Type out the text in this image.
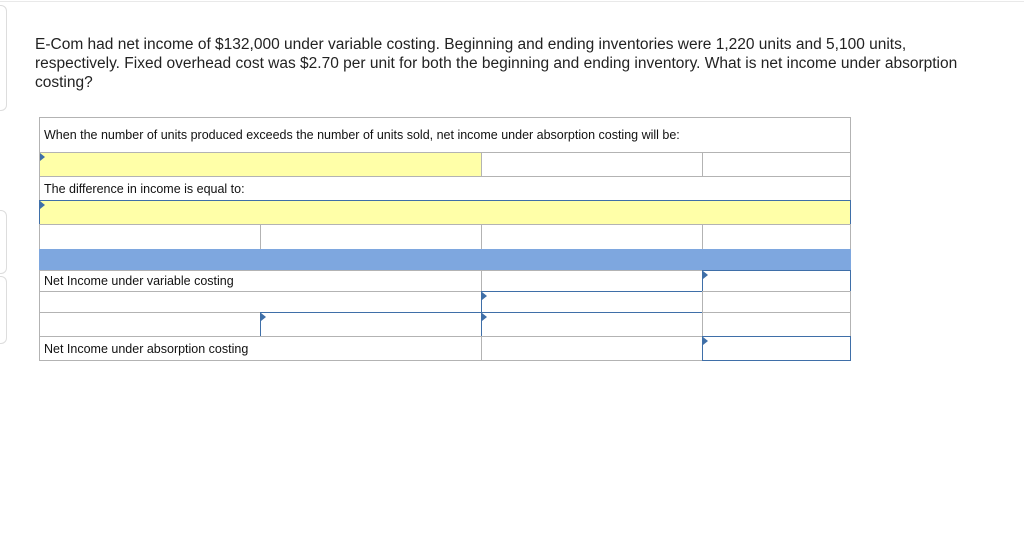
E-Com had net income of $132,000 under variable costing. Beginning and ending inventories were 1,220 units and 5,100 units, respectively. Fixed overhead cost was $2.70 per unit for both the beginning and ending inventory. What is net income under absorption costing?
When the number of units produced exceeds the number of units sold, net income under absorption costing will be:
The difference in income is equal to:
Net Income under variable costing
Net Income under absorption costing
